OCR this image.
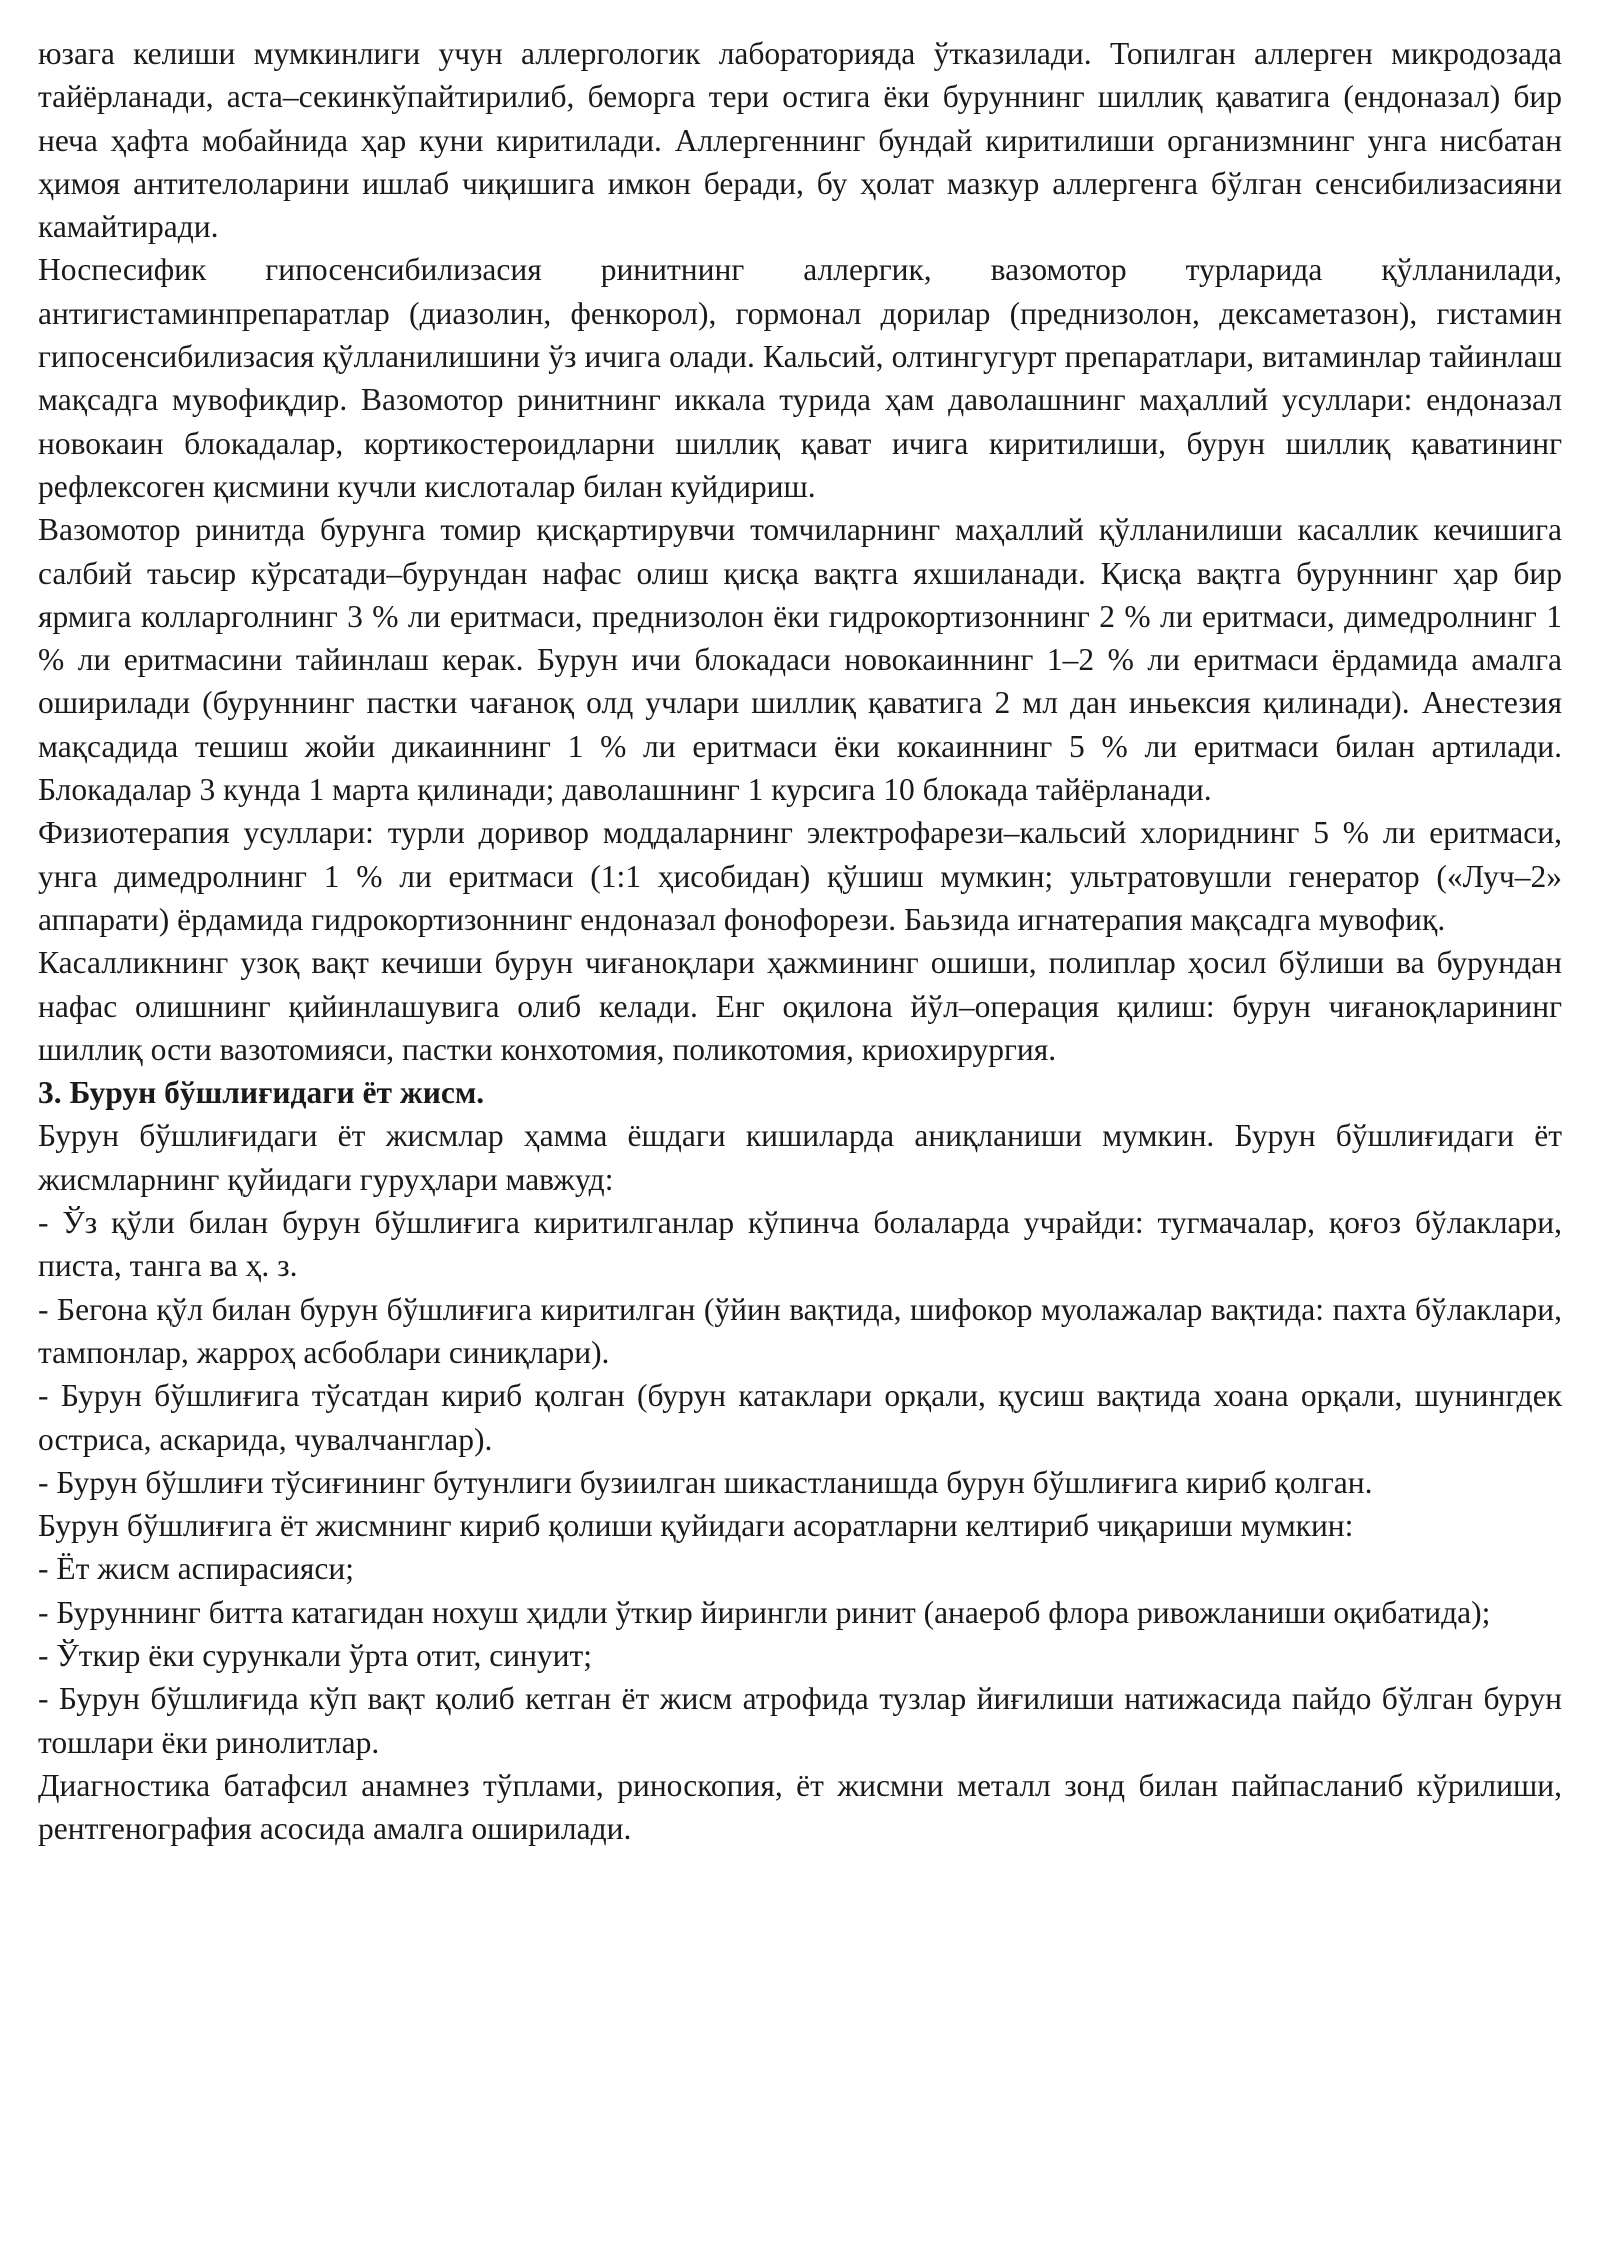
юзага келиши мумкинлиги учун аллергологик лабораторияда ўтказилади. Топилган аллерген микродозада тайёрланади, аста–секинкўпайтирилиб, беморга тери остига ёки буруннинг шиллиқ қаватига (ендоназал) бир неча ҳафта мобайнида ҳар куни киритилади. Аллергеннинг бундай киритилиши организмнинг унга нисбатан ҳимоя антителоларини ишлаб чиқишига имкон беради, бу ҳолат мазкур аллергенга бўлган сенсибилизасияни камайтиради.

Носпесифик гипосенсибилизасия ринитнинг аллергик, вазомотор турларида қўлланилади, антигистаминпрепаратлар (диазолин, фенкорол), гормонал дорилар (преднизолон, дексаметазон), гистамин гипосенсибилизасия қўлланилишини ўз ичига олади. Кальсий, олтингугурт препаратлари, витаминлар тайинлаш мақсадга мувофиқдир. Вазомотор ринитнинг иккала турида ҳам даволашнинг маҳаллий усуллари: ендоназал новокаин блокадалар, кортикостероидларни шиллиқ қават ичига киритилиши, бурун шиллиқ қаватининг рефлексоген қисмини кучли кислоталар билан куйдириш.

Вазомотор ринитда бурунга томир қисқартирувчи томчиларнинг маҳаллий қўлланилиши касаллик кечишига салбий таьсир кўрсатади–бурундан нафас олиш қисқа вақтга яхшиланади. Қисқа вақтга буруннинг ҳар бир ярмига колларголнинг 3 % ли еритмаси, преднизолон ёки гидрокортизоннинг 2 % ли еритмаси, димедролнинг 1 % ли еритмасини тайинлаш керак. Бурун ичи блокадаси новокаиннинг 1–2 % ли еритмаси ёрдамида амалга оширилади (буруннинг пастки чағаноқ олд учлари шиллиқ қаватига 2 мл дан иньексия қилинади). Анестезия мақсадида тешиш жойи дикаиннинг 1 % ли еритмаси ёки кокаиннинг 5 % ли еритмаси билан артилади. Блокадалар 3 кунда 1 марта қилинади; даволашнинг 1 курсига 10 блокада тайёрланади.

Физиотерапия усуллари: турли доривор моддаларнинг электрофарези–кальсий хлориднинг 5 % ли еритмаси, унга димедролнинг 1 % ли еритмаси (1:1 ҳисобидан) қўшиш мумкин; ультратовушли генератор («Луч–2» аппарати) ёрдамида гидрокортизоннинг ендоназал фонофорези. Баьзида игнатерапия мақсадга мувофиқ.

Касалликнинг узоқ вақт кечиши бурун чиғаноқлари ҳажмининг ошиши, полиплар ҳосил бўлиши ва бурундан нафас олишнинг қийинлашувига олиб келади. Енг оқилона йўл–операция қилиш: бурун чиғаноқларининг шиллиқ ости вазотомияси, пастки конхотомия, поликотомия, криохирургия.

3. Бурун бўшлиғидаги ёт жисм.

Бурун бўшлиғидаги ёт жисмлар ҳамма ёшдаги кишиларда аниқланиши мумкин. Бурун бўшлиғидаги ёт жисмларнинг қуйидаги гуруҳлари мавжуд:

- Ўз қўли билан бурун бўшлиғига киритилганлар кўпинча болаларда учрайди: тугмачалар, қоғоз бўлаклари, писта, танга ва ҳ. з.

- Бегона қўл билан бурун бўшлиғига киритилган (ўйин вақтида, шифокор муолажалар вақтида: пахта бўлаклари, тампонлар, жарроҳ асбоблари синиқлари).

- Бурун бўшлиғига тўсатдан кириб қолган (бурун катаклари орқали, қусиш вақтида хоана орқали, шунингдек остриса, аскарида, чувалчанглар).

- Бурун бўшлиғи тўсиғининг бутунлиги бузиилган шикастланишда бурун бўшлиғига кириб қолган.

Бурун бўшлиғига ёт жисмнинг кириб қолиши қуйидаги асоратларни келтириб чиқариши мумкин:

- Ёт жисм аспирасияси;

- Буруннинг битта катагидан нохуш ҳидли ўткир йирингли ринит (анаероб флора ривожланиши оқибатида);

- Ўткир ёки сурункали ўрта отит, синуит;

- Бурун бўшлиғида кўп вақт қолиб кетган ёт жисм атрофида тузлар йиғилиши натижасида пайдо бўлган бурун тошлари ёки ринолитлар.

Диагностика батафсил анамнез тўплами, риноскопия, ёт жисмни металл зонд билан пайпасланиб кўрилиши, рентгенография асосида амалга оширилади.
